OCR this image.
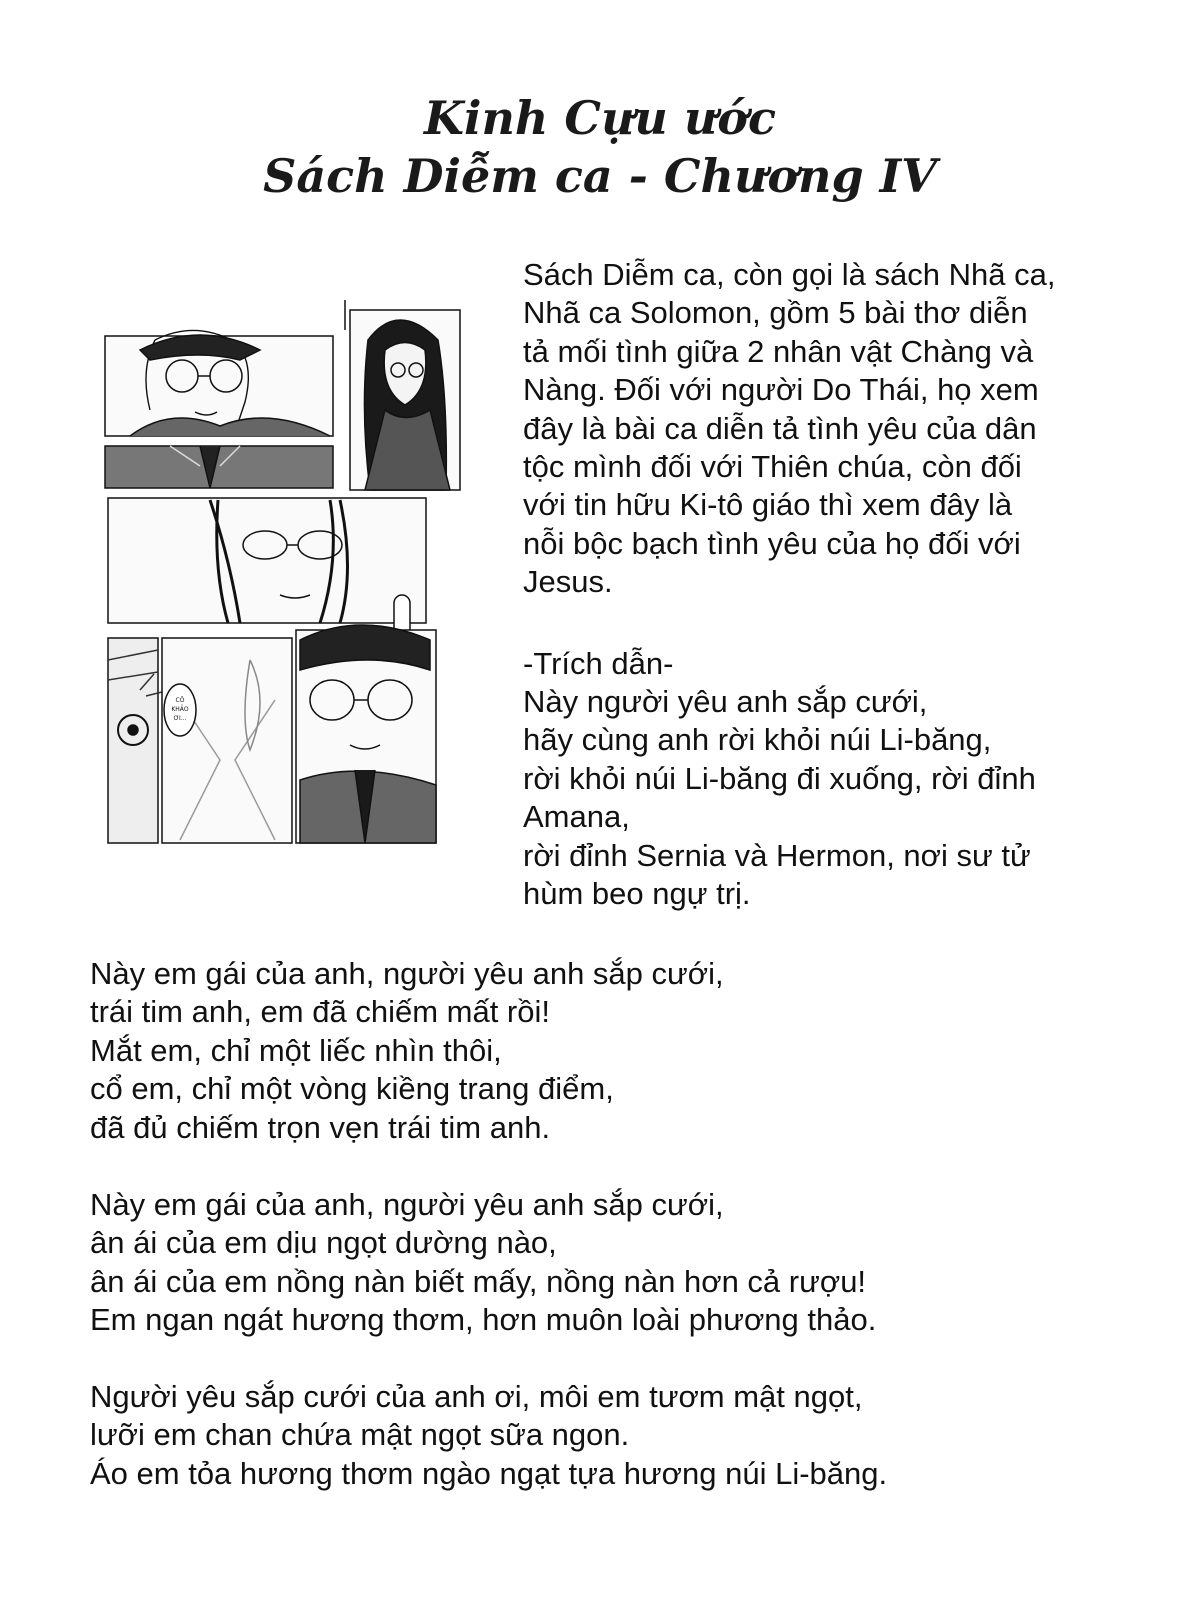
Kinh Cựu ước
Sách Diễm ca - Chương IV
CÔ
KHẢO
ƠI...
Sách Diễm ca, còn gọi là sách Nhã ca,
Nhã ca Solomon, gồm 5 bài thơ diễn
tả mối tình giữa 2 nhân vật Chàng và
Nàng. Đối với người Do Thái, họ xem
đây là bài ca diễn tả tình yêu của dân
tộc mình đối với Thiên chúa, còn đối
với tin hữu Ki-tô giáo thì xem đây là
nỗi bộc bạch tình yêu của họ đối với
Jesus.
-Trích dẫn-
Này người yêu anh sắp cưới,
hãy cùng anh rời khỏi núi Li-băng,
rời khỏi núi Li-băng đi xuống, rời đỉnh
Amana,
rời đỉnh Sernia và Hermon, nơi sư tử
hùm beo ngự trị.
Này em gái của anh, người yêu anh sắp cưới,
trái tim anh, em đã chiếm mất rồi!
Mắt em, chỉ một liếc nhìn thôi,
cổ em, chỉ một vòng kiềng trang điểm,
đã đủ chiếm trọn vẹn trái tim anh.
Này em gái của anh, người yêu anh sắp cưới,
ân ái của em dịu ngọt dường nào,
ân ái của em nồng nàn biết mấy, nồng nàn hơn cả rượu!
Em ngan ngát hương thơm, hơn muôn loài phương thảo.
Người yêu sắp cưới của anh ơi, môi em tươm mật ngọt,
lưỡi em chan chứa mật ngọt sữa ngon.
Áo em tỏa hương thơm ngào ngạt tựa hương núi Li-băng.
